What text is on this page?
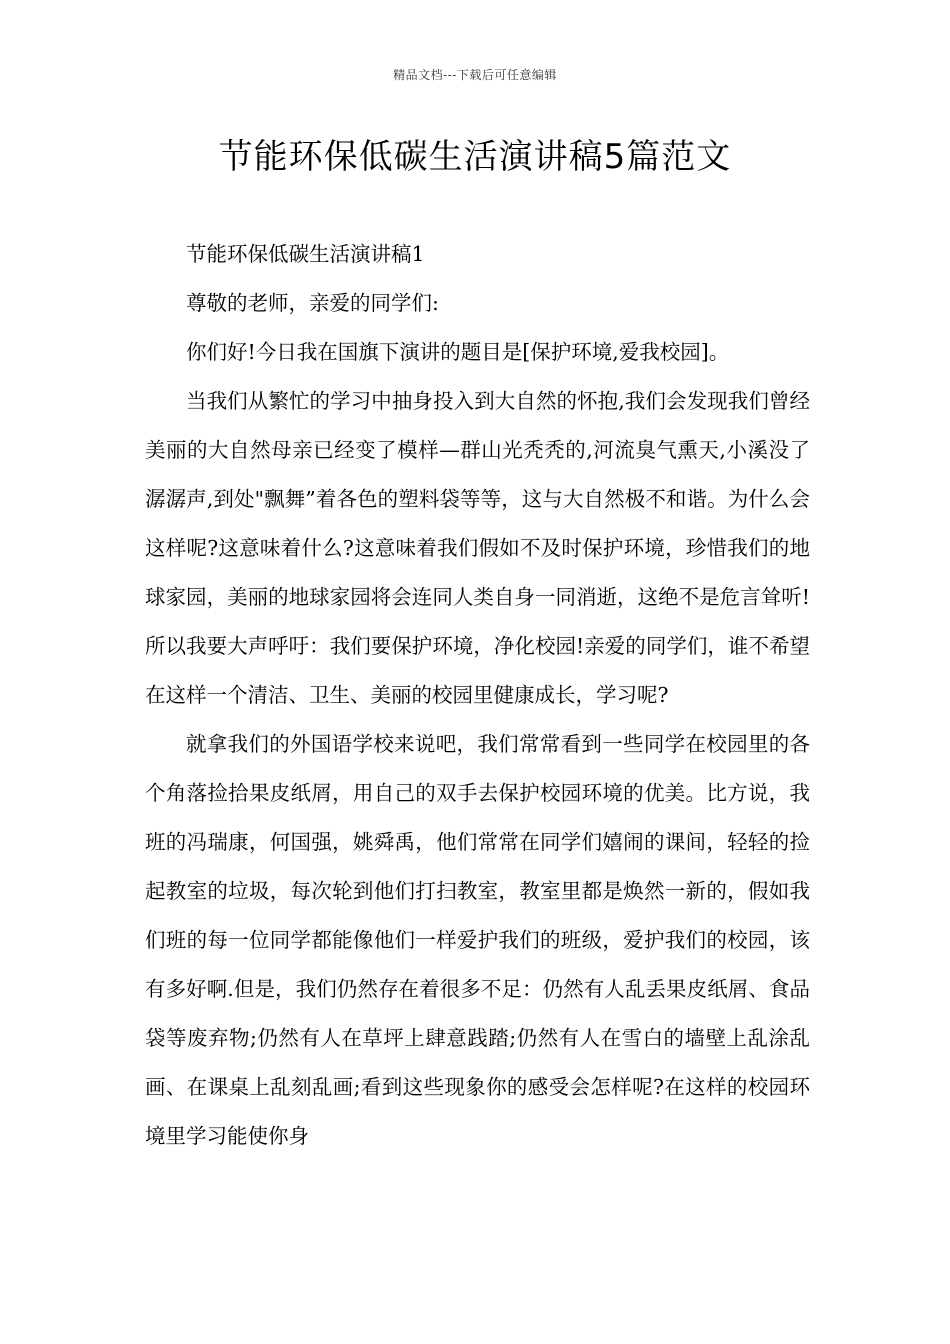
精品文档---下载后可任意编辑
节能环保低碳生活演讲稿5篇范文

节能环保低碳生活演讲稿1

尊敬的老师，亲爱的同学们:

你们好!今日我在国旗下演讲的题目是[保护环境,爱我校园]。

当我们从繁忙的学习中抽身投入到大自然的怀抱,我们会发现我们曾经美丽的大自然母亲已经变了模样—群山光秃秃的,河流臭气熏天,小溪没了潺潺声,到处"飘舞”着各色的塑料袋等等，这与大自然极不和谐。为什么会这样呢?这意味着什么?这意味着我们假如不及时保护环境，珍惜我们的地球家园，美丽的地球家园将会连同人类自身一同消逝，这绝不是危言耸听!所以我要大声呼吁：我们要保护环境，净化校园!亲爱的同学们，谁不希望在这样一个清洁、卫生、美丽的校园里健康成长，学习呢?

就拿我们的外国语学校来说吧，我们常常看到一些同学在校园里的各个角落捡拾果皮纸屑，用自己的双手去保护校园环境的优美。比方说，我班的冯瑞康，何国强，姚舜禹，他们常常在同学们嬉闹的课间，轻轻的捡起教室的垃圾，每次轮到他们打扫教室，教室里都是焕然一新的，假如我们班的每一位同学都能像他们一样爱护我们的班级，爱护我们的校园，该有多好啊.但是，我们仍然存在着很多不足：仍然有人乱丢果皮纸屑、食品袋等废弃物;仍然有人在草坪上肆意践踏;仍然有人在雪白的墙壁上乱涂乱画、在课桌上乱刻乱画;看到这些现象你的感受会怎样呢?在这样的校园环境里学习能使你身
